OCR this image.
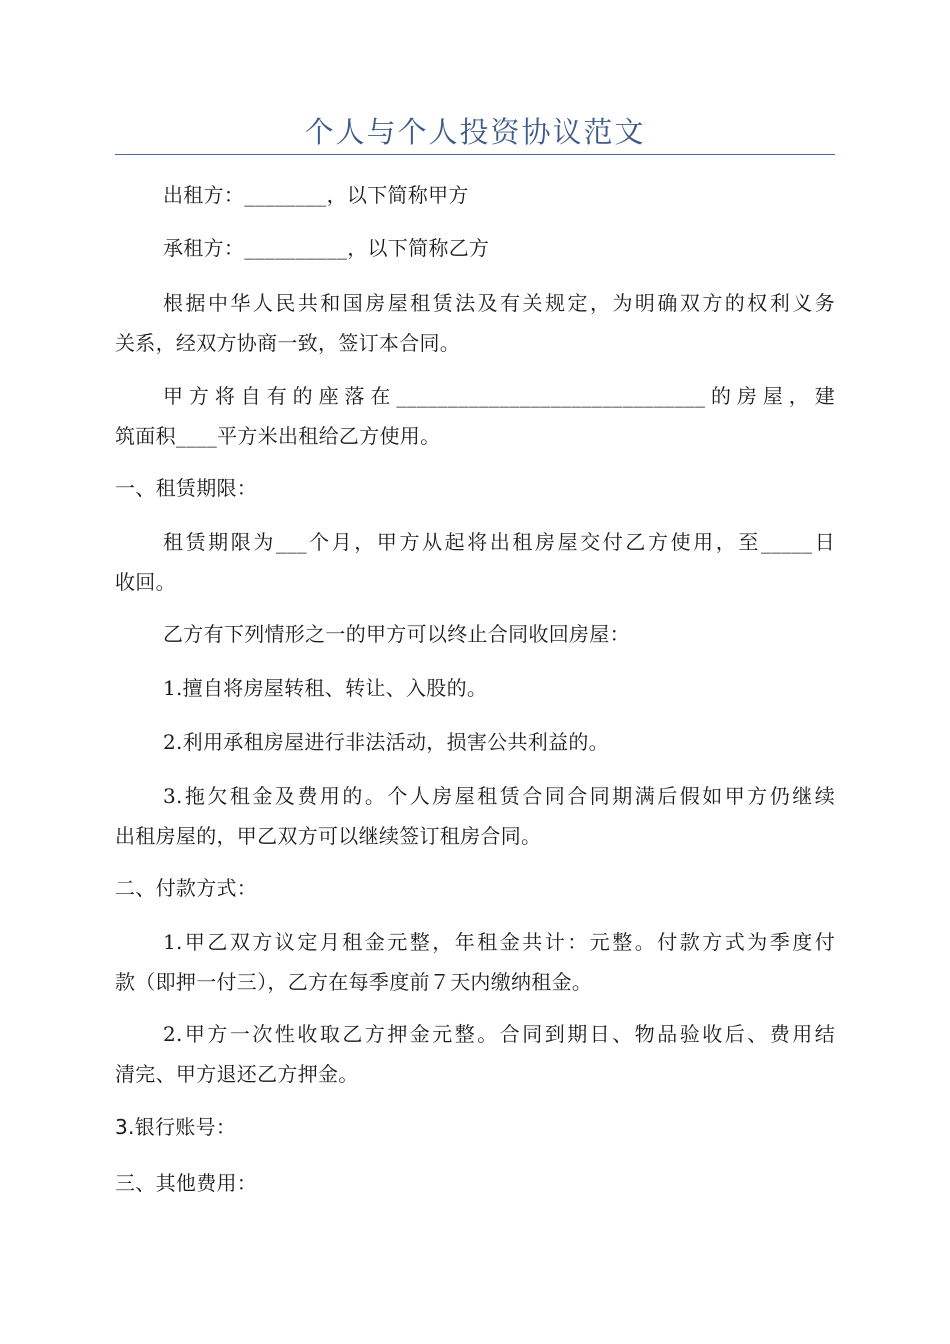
个人与个人投资协议范文

出租方：________，以下简称甲方

承租方：__________，以下简称乙方

根据中华人民共和国房屋租赁法及有关规定，为明确双方的权利义务
关系，经双方协商一致，签订本合同。

甲方将自有的座落在______________________________的房屋，建
筑面积____平方米出租给乙方使用。

一、租赁期限：

租赁期限为___个月，甲方从起将出租房屋交付乙方使用，至_____日
收回。

乙方有下列情形之一的甲方可以终止合同收回房屋：

1.擅自将房屋转租、转让、入股的。

2.利用承租房屋进行非法活动，损害公共利益的。

3.拖欠租金及费用的。个人房屋租赁合同合同期满后假如甲方仍继续
出租房屋的，甲乙双方可以继续签订租房合同。

二、付款方式：

1.甲乙双方议定月租金元整，年租金共计：元整。付款方式为季度付
款（即押一付三），乙方在每季度前７天内缴纳租金。

2.甲方一次性收取乙方押金元整。合同到期日、物品验收后、费用结
清完、甲方退还乙方押金。

3.银行账号：

三、其他费用：
